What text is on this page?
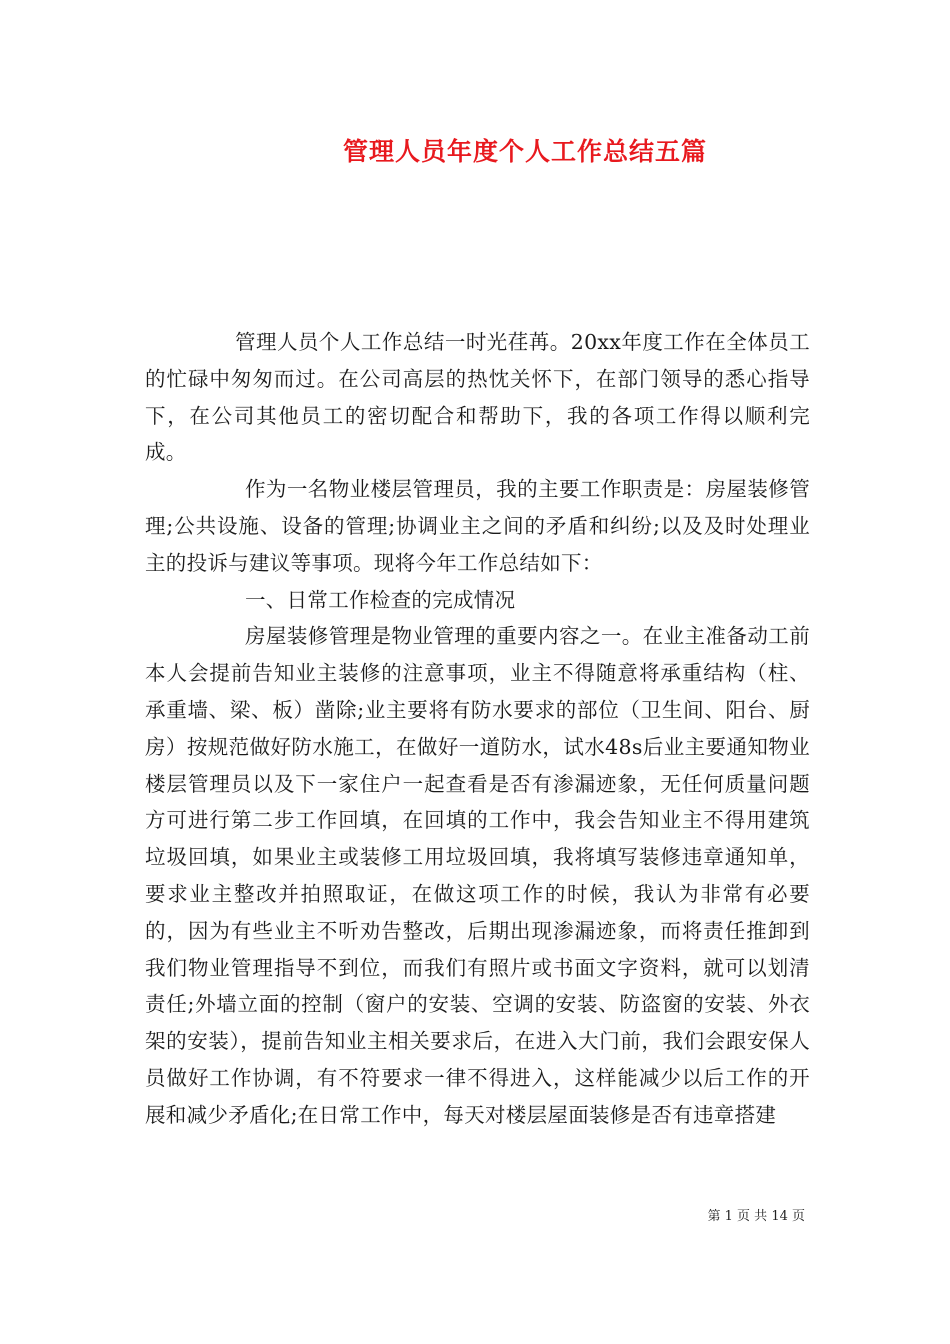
管理人员年度个人工作总结五篇

管理人员个人工作总结一时光荏苒。20xx年度工作在全体员工的忙碌中匆匆而过。在公司高层的热忱关怀下，在部门领导的悉心指导下，在公司其他员工的密切配合和帮助下，我的各项工作得以顺利完成。

作为一名物业楼层管理员，我的主要工作职责是：房屋装修管理;公共设施、设备的管理;协调业主之间的矛盾和纠纷;以及及时处理业主的投诉与建议等事项。现将今年工作总结如下：

一、日常工作检查的完成情况

房屋装修管理是物业管理的重要内容之一。在业主准备动工前本人会提前告知业主装修的注意事项，业主不得随意将承重结构（柱、承重墙、梁、板）凿除;业主要将有防水要求的部位（卫生间、阳台、厨房）按规范做好防水施工，在做好一道防水，试水48s后业主要通知物业楼层管理员以及下一家住户一起查看是否有渗漏迹象，无任何质量问题方可进行第二步工作回填，在回填的工作中，我会告知业主不得用建筑垃圾回填，如果业主或装修工用垃圾回填，我将填写装修违章通知单，要求业主整改并拍照取证，在做这项工作的时候，我认为非常有必要的，因为有些业主不听劝告整改，后期出现渗漏迹象，而将责任推卸到我们物业管理指导不到位，而我们有照片或书面文字资料，就可以划清责任;外墙立面的控制（窗户的安装、空调的安装、防盗窗的安装、外衣架的安装），提前告知业主相关要求后，在进入大门前，我们会跟安保人员做好工作协调，有不符要求一律不得进入，这样能减少以后工作的开展和减少矛盾化;在日常工作中，每天对楼层屋面装修是否有违章搭建

第 1 页 共 14 页
